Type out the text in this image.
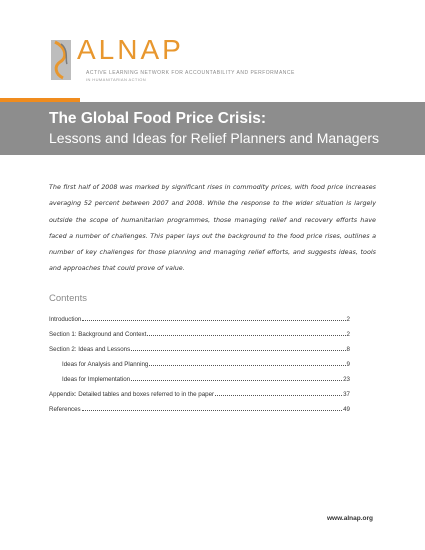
ALNAP
ACTIVE LEARNING NETWORK FOR ACCOUNTABILITY AND PERFORMANCE
IN HUMANITARIAN ACTION
The Global Food Price Crisis:
Lessons and Ideas for Relief Planners and Managers
The first half of 2008 was marked by significant rises in commodity prices, with food price increases averaging 52 percent between 2007 and 2008. While the response to the wider situation is largely outside the scope of humanitarian programmes, those managing relief and recovery efforts have faced a number of challenges. This paper lays out the background to the food price rises, outlines a number of key challenges for those planning and managing relief efforts, and suggests ideas, tools and approaches that could prove of value.
Contents
Introduction	2
Section 1: Background and Context	2
Section 2: Ideas and Lessons	8
Ideas for Analysis and Planning	9
Ideas for Implementation	23
Appendix: Detailed tables and boxes referred to in the paper	37
References	49
www.alnap.org
